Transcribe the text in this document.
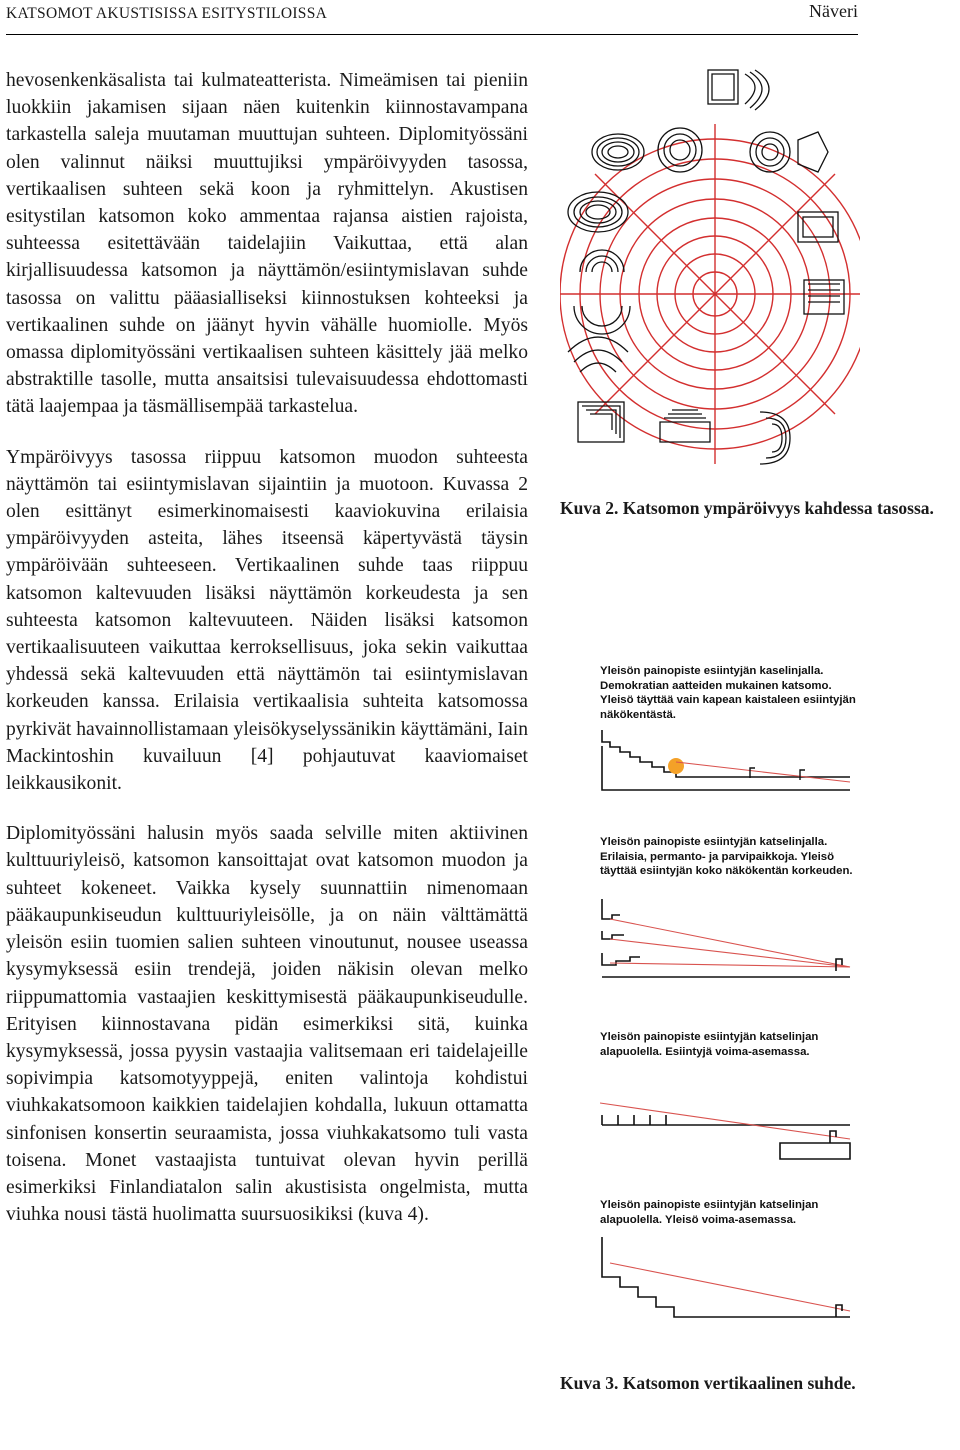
KATSOMOT AKUSTISISSA ESITYSTILOISSA	Näveri

hevosenkenkäsalista tai kulmateatterista. Nimeämisen tai pieniin luokkiin jakamisen sijaan näen kuitenkin kiinnostavampana tarkastella saleja muutaman muuttujan suhteen. Diplomityössäni olen valinnut näiksi muuttujiksi ympäröivyyden tasossa, vertikaalisen suhteen sekä koon ja ryhmittelyn. Akustisen esitystilan katsomon koko ammentaa rajansa aistien rajoista, suhteessa esitettävään taidelajiin Vaikuttaa, että alan kirjallisuudessa katsomon ja näyttämön/esiintymislavan suhde tasossa on valittu pääasialliseksi kiinnostuksen kohteeksi ja vertikaalinen suhde on jäänyt hyvin vähälle huomiolle. Myös omassa diplomityössäni vertikaalisen suhteen käsittely jää melko abstraktille tasolle, mutta ansaitsisi tulevaisuudessa ehdottomasti tätä laajempaa ja täsmällisempää tarkastelua.

Ympäröivyys tasossa riippuu katsomon muodon suhteesta näyttämön tai esiintymislavan sijaintiin ja muotoon. Kuvassa 2 olen esittänyt esimerkinomaisesti kaaviokuvina erilaisia ympäröivyyden asteita, lähes itseensä käpertyvästä täysin ympäröivään suhteeseen. Vertikaalinen suhde taas riippuu katsomon kaltevuuden lisäksi näyttämön korkeudesta ja sen suhteesta katsomon kaltevuuteen. Näiden lisäksi katsomon vertikaalisuuteen vaikuttaa kerroksellisuus, joka sekin vaikuttaa yhdessä sekä kaltevuuden että näyttämön tai esiintymislavan korkeuden kanssa. Erilaisia vertikaalisia suhteita katsomossa pyrkivät havainnollistamaan yleisökyselyssänikin käyttämäni, Iain Mackintoshin kuvailuun [4] pohjautuvat kaaviomaiset leikkausikonit.

Diplomityössäni halusin myös saada selville miten aktiivinen kulttuuriyleisö, katsomon kansoittajat ovat katsomon muodon ja suhteet kokeneet. Vaikka kysely suunnattiin nimenomaan pääkaupunkiseudun kulttuuriyleisölle, ja on näin välttämättä yleisön esiin tuomien salien suhteen vinoutunut, nousee useassa kysymyksessä esiin trendejä, joiden näkisin olevan melko riippumattomia vastaajien keskittymisestä pääkaupunkiseudulle. Erityisen kiinnostavana pidän esimerkiksi sitä, kuinka kysymyksessä, jossa pyysin vastaajia valitsemaan eri taidelajeille sopivimpia katsomotyyppejä, eniten valintoja kohdistui viuhkakatsomoon kaikkien taidelajien kohdalla, lukuun ottamatta sinfonisen konsertin seuraamista, jossa viuhkakatsomo tuli vasta toisena. Monet vastaajista tuntuivat olevan hyvin perillä esimerkiksi Finlandiatalon salin akustisista ongelmista, mutta viuhka nousi tästä huolimatta suursuosikiksi (kuva 4).

Kuva 2. Katsomon ympäröivyys kahdessa tasossa.

Yleisön painopiste esiintyjän kaselinjalla. Demokratian aatteiden mukainen katsomo. Yleisö täyttää vain kapean kaistaleen esiintyjän näkökentästä.

Yleisön painopiste esiintyjän katselinjalla. Erilaisia, permanto- ja parvipaikkoja. Yleisö täyttää esiintyjän koko näkökentän korkeuden.

Yleisön painopiste esiintyjän katselinjan alapuolella. Esiintyjä voima-asemassa.

Yleisön painopiste esiintyjän katselinjan alapuolella. Yleisö voima-asemassa.

Kuva 3. Katsomon vertikaalinen suhde.
